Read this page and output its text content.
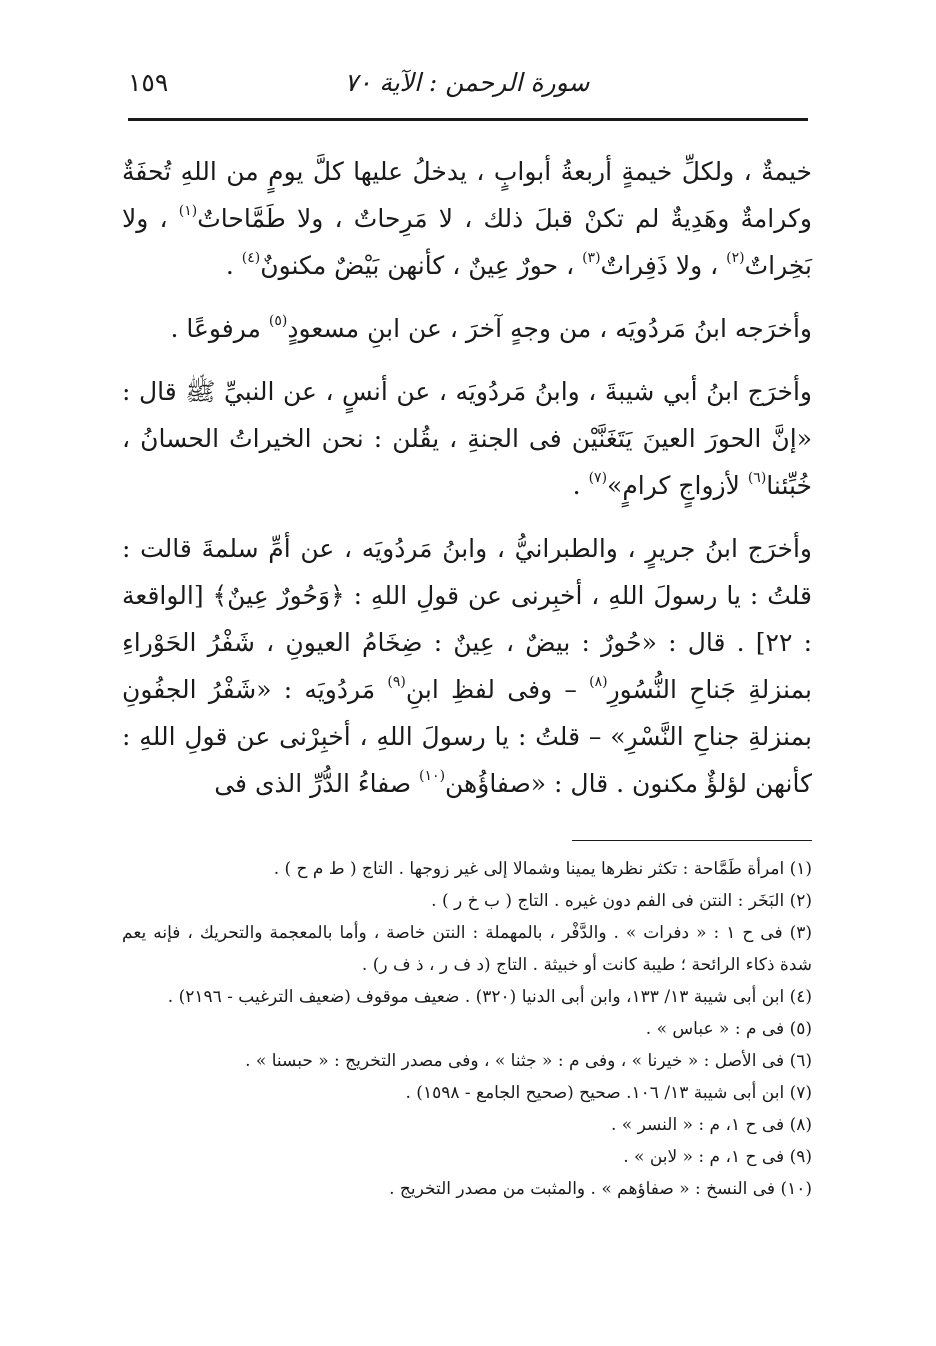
١٥٩	سورة الرحمن : الآية ٧٠

خيمةٌ ، ولكلِّ خيمةٍ أربعةُ أبوابٍ ، يدخلُ عليها كلَّ يومٍ من اللهِ تُحفَةٌ وكرامةٌ وهَدِيةٌ لم تكنْ قبلَ ذلك ، لا مَرِحاتٌ ، ولا طَمَّاحاتٌ$^{(١)}$ ، ولا بَخِراتٌ$^{(٢)}$ ، ولا ذَفِراتٌ$^{(٣)}$ ، حورٌ عِينٌ ، كأنهن بَيْضٌ مكنونٌ$^{(٤)}$ .

وأخرَجه ابنُ مَردُويَه ، من وجهٍ آخرَ ، عن ابنِ مسعودٍ$^{(٥)}$ مرفوعًا .

وأخرَج ابنُ أبي شيبةَ ، وابنُ مَردُويَه ، عن أنسٍ ، عن النبيِّ ﷺ قال : «إنَّ الحورَ العينَ يَتَغَنَّيْن فى الجنةِ ، يقُلن : نحن الخيراتُ الحسانُ ، خُبِّئنا$^{(٦)}$ لأزواجٍ كرامٍ»$^{(٧)}$ .

وأخرَج ابنُ جريرٍ ، والطبرانيُّ ، وابنُ مَردُويَه ، عن أمِّ سلمةَ قالت : قلتُ : يا رسولَ اللهِ ، أخبِرنى عن قولِ اللهِ : ﴿وَحُورٌ عِينٌ﴾ [الواقعة : ٢٢] . قال : «حُورٌ : بيضٌ ، عِينٌ : ضِخَامُ العيونِ ، شَفْرُ الحَوْراءِ بمنزلةِ جَناحِ النُّسُورِ$^{(٨)}$ – وفى لفظِ ابنِ$^{(٩)}$ مَردُويَه : «شَفْرُ الجفُونِ بمنزلةِ جناحِ النَّسْرِ» – قلتُ : يا رسولَ اللهِ ، أخبِرْنى عن قولِ اللهِ : كأنهن لؤلؤٌ مكنون . قال : «صفاؤُهن$^{(١٠)}$ صفاءُ الدُّرِّ الذى فى

(١) امرأة طَمَّاحة : تكثر نظرها يمينا وشمالا إلى غير زوجها . التاج ( ط م ح ) .

(٢) البَخَر : النتن فى الفم دون غيره . التاج ( ب خ ر ) .

(٣) فى ح ١ : « دفرات » . والدَّفْر ، بالمهملة : النتن خاصة ، وأما بالمعجمة والتحريك ، فإنه يعم شدة ذكاء الرائحة ؛ طيبة كانت أو خبيثة . التاج (د ف ر ، ذ ف ر) .

(٤) ابن أبى شيبة ١٣/ ١٣٣، وابن أبى الدنيا (٣٢٠) . ضعيف موقوف (ضعيف الترغيب - ٢١٩٦) .

(٥) فى م : « عباس » .

(٦) فى الأصل : « خيرنا » ، وفى م : « جثنا » ، وفى مصدر التخريج : « حبسنا » .

(٧) ابن أبى شيبة ١٣/ ١٠٦. صحيح (صحيح الجامع - ١٥٩٨) .

(٨) فى ح ١، م : « النسر » .

(٩) فى ح ١، م : « لابن » .

(١٠) فى النسخ : « صفاؤهم » . والمثبت من مصدر التخريج .
